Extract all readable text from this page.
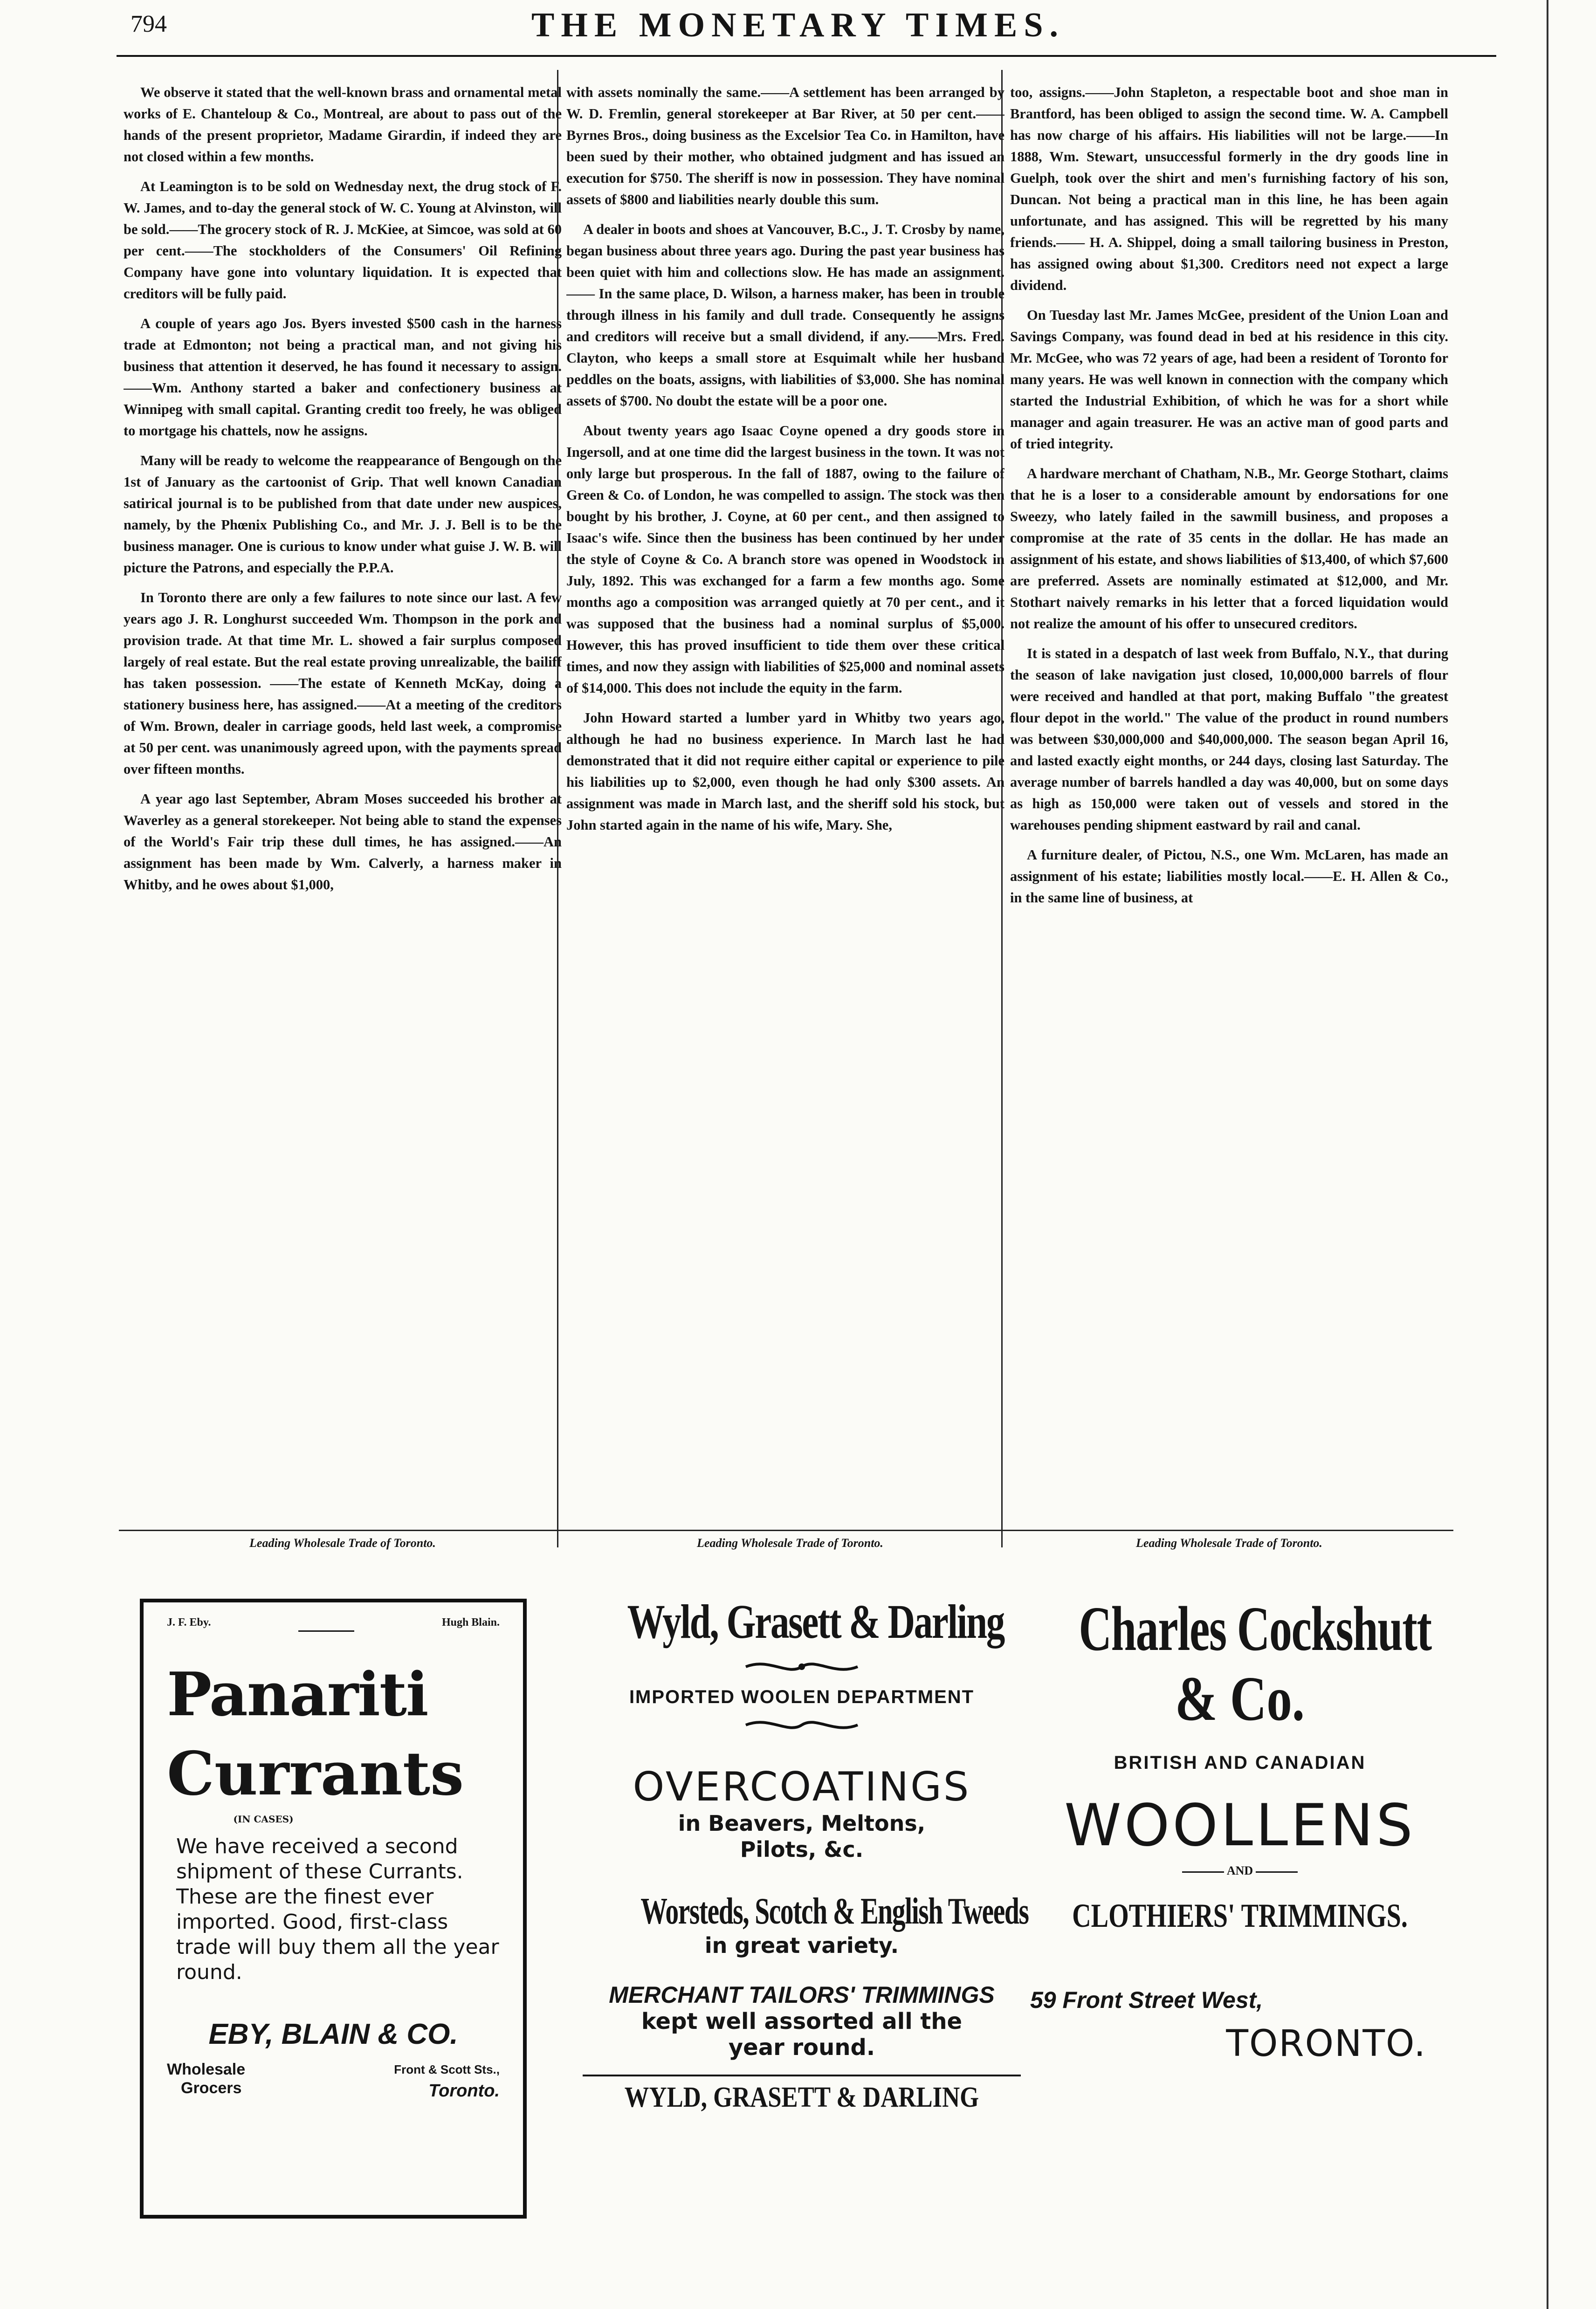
794	THE MONETARY TIMES.

We observe it stated that the well-known brass and ornamental metal works of E. Chanteloup & Co., Montreal, are about to pass out of the hands of the present proprietor, Madame Girardin, if indeed they are not closed within a few months.

At Leamington is to be sold on Wednesday next, the drug stock of F. W. James, and to-day the general stock of W. C. Young at Alvinston, will be sold.——The grocery stock of R. J. McKiee, at Simcoe, was sold at 60 per cent.——The stockholders of the Consumers' Oil Refining Company have gone into voluntary liquidation. It is expected that creditors will be fully paid.

A couple of years ago Jos. Byers invested $500 cash in the harness trade at Edmonton; not being a practical man, and not giving his business that attention it deserved, he has found it necessary to assign.——Wm. Anthony started a baker and confectionery business at Winnipeg with small capital. Granting credit too freely, he was obliged to mortgage his chattels, now he assigns.

Many will be ready to welcome the reappearance of Bengough on the 1st of January as the cartoonist of Grip. That well known Canadian satirical journal is to be published from that date under new auspices, namely, by the Phœnix Publishing Co., and Mr. J. J. Bell is to be the business manager. One is curious to know under what guise J. W. B. will picture the Patrons, and especially the P.P.A.

In Toronto there are only a few failures to note since our last. A few years ago J. R. Longhurst succeeded Wm. Thompson in the pork and provision trade. At that time Mr. L. showed a fair surplus composed largely of real estate. But the real estate proving unrealizable, the bailiff has taken possession. ——The estate of Kenneth McKay, doing a stationery business here, has assigned.——At a meeting of the creditors of Wm. Brown, dealer in carriage goods, held last week, a compromise at 50 per cent. was unanimously agreed upon, with the payments spread over fifteen months.

A year ago last September, Abram Moses succeeded his brother at Waverley as a general storekeeper. Not being able to stand the expenses of the World's Fair trip these dull times, he has assigned.——An assignment has been made by Wm. Calverly, a harness maker in Whitby, and he owes about $1,000,

with assets nominally the same.——A settlement has been arranged by W. D. Fremlin, general storekeeper at Bar River, at 50 per cent.——Byrnes Bros., doing business as the Excelsior Tea Co. in Hamilton, have been sued by their mother, who obtained judgment and has issued an execution for $750. The sheriff is now in possession. They have nominal assets of $800 and liabilities nearly double this sum.

A dealer in boots and shoes at Vancouver, B.C., J. T. Crosby by name, began business about three years ago. During the past year business has been quiet with him and collections slow. He has made an assignment.—— In the same place, D. Wilson, a harness maker, has been in trouble through illness in his family and dull trade. Consequently he assigns and creditors will receive but a small dividend, if any.——Mrs. Fred. Clayton, who keeps a small store at Esquimalt while her husband peddles on the boats, assigns, with liabilities of $3,000. She has nominal assets of $700. No doubt the estate will be a poor one.

About twenty years ago Isaac Coyne opened a dry goods store in Ingersoll, and at one time did the largest business in the town. It was not only large but prosperous. In the fall of 1887, owing to the failure of Green & Co. of London, he was compelled to assign. The stock was then bought by his brother, J. Coyne, at 60 per cent., and then assigned to Isaac's wife. Since then the business has been continued by her under the style of Coyne & Co. A branch store was opened in Woodstock in July, 1892. This was exchanged for a farm a few months ago. Some months ago a composition was arranged quietly at 70 per cent., and it was supposed that the business had a nominal surplus of $5,000. However, this has proved insufficient to tide them over these critical times, and now they assign with liabilities of $25,000 and nominal assets of $14,000. This does not include the equity in the farm.

John Howard started a lumber yard in Whitby two years ago, although he had no business experience. In March last he had demonstrated that it did not require either capital or experience to pile his liabilities up to $2,000, even though he had only $300 assets. An assignment was made in March last, and the sheriff sold his stock, but John started again in the name of his wife, Mary. She,

too, assigns.——John Stapleton, a respectable boot and shoe man in Brantford, has been obliged to assign the second time. W. A. Campbell has now charge of his affairs. His liabilities will not be large.——In 1888, Wm. Stewart, unsuccessful formerly in the dry goods line in Guelph, took over the shirt and men's furnishing factory of his son, Duncan. Not being a practical man in this line, he has been again unfortunate, and has assigned. This will be regretted by his many friends.—— H. A. Shippel, doing a small tailoring business in Preston, has assigned owing about $1,300. Creditors need not expect a large dividend.

On Tuesday last Mr. James McGee, president of the Union Loan and Savings Company, was found dead in bed at his residence in this city. Mr. McGee, who was 72 years of age, had been a resident of Toronto for many years. He was well known in connection with the company which started the Industrial Exhibition, of which he was for a short while manager and again treasurer. He was an active man of good parts and of tried integrity.

A hardware merchant of Chatham, N.B., Mr. George Stothart, claims that he is a loser to a considerable amount by endorsations for one Sweezy, who lately failed in the sawmill business, and proposes a compromise at the rate of 35 cents in the dollar. He has made an assignment of his estate, and shows liabilities of $13,400, of which $7,600 are preferred. Assets are nominally estimated at $12,000, and Mr. Stothart naively remarks in his letter that a forced liquidation would not realize the amount of his offer to unsecured creditors.

It is stated in a despatch of last week from Buffalo, N.Y., that during the season of lake navigation just closed, 10,000,000 barrels of flour were received and handled at that port, making Buffalo "the greatest flour depot in the world." The value of the product in round numbers was between $30,000,000 and $40,000,000. The season began April 16, and lasted exactly eight months, or 244 days, closing last Saturday. The average number of barrels handled a day was 40,000, but on some days as high as 150,000 were taken out of vessels and stored in the warehouses pending shipment eastward by rail and canal.

A furniture dealer, of Pictou, N.S., one Wm. McLaren, has made an assignment of his estate; liabilities mostly local.——E. H. Allen & Co., in the same line of business, at

Leading Wholesale Trade of Toronto.	Leading Wholesale Trade of Toronto.	Leading Wholesale Trade of Toronto.
J. F. Eby.	Hugh Blain.
Panariti
Currants
(IN CASES)
We have received a second shipment of these Currants. These are the finest ever imported. Good, first-class trade will buy them all the year round.
EBY, BLAIN & CO.
Wholesale
Grocers
Front & Scott Sts.,
Toronto.
Wyld, Grasett & Darling
IMPORTED WOOLEN DEPARTMENT
OVERCOATINGS
in Beavers, Meltons,
Pilots, &c.
Worsteds, Scotch & English Tweeds
in great variety.
MERCHANT TAILORS' TRIMMINGS
kept well assorted all the
year round.
WYLD, GRASETT & DARLING
Charles Cockshutt
& Co.
BRITISH AND CANADIAN
WOOLLENS
AND
CLOTHIERS' TRIMMINGS.
59 Front Street West,
TORONTO.
